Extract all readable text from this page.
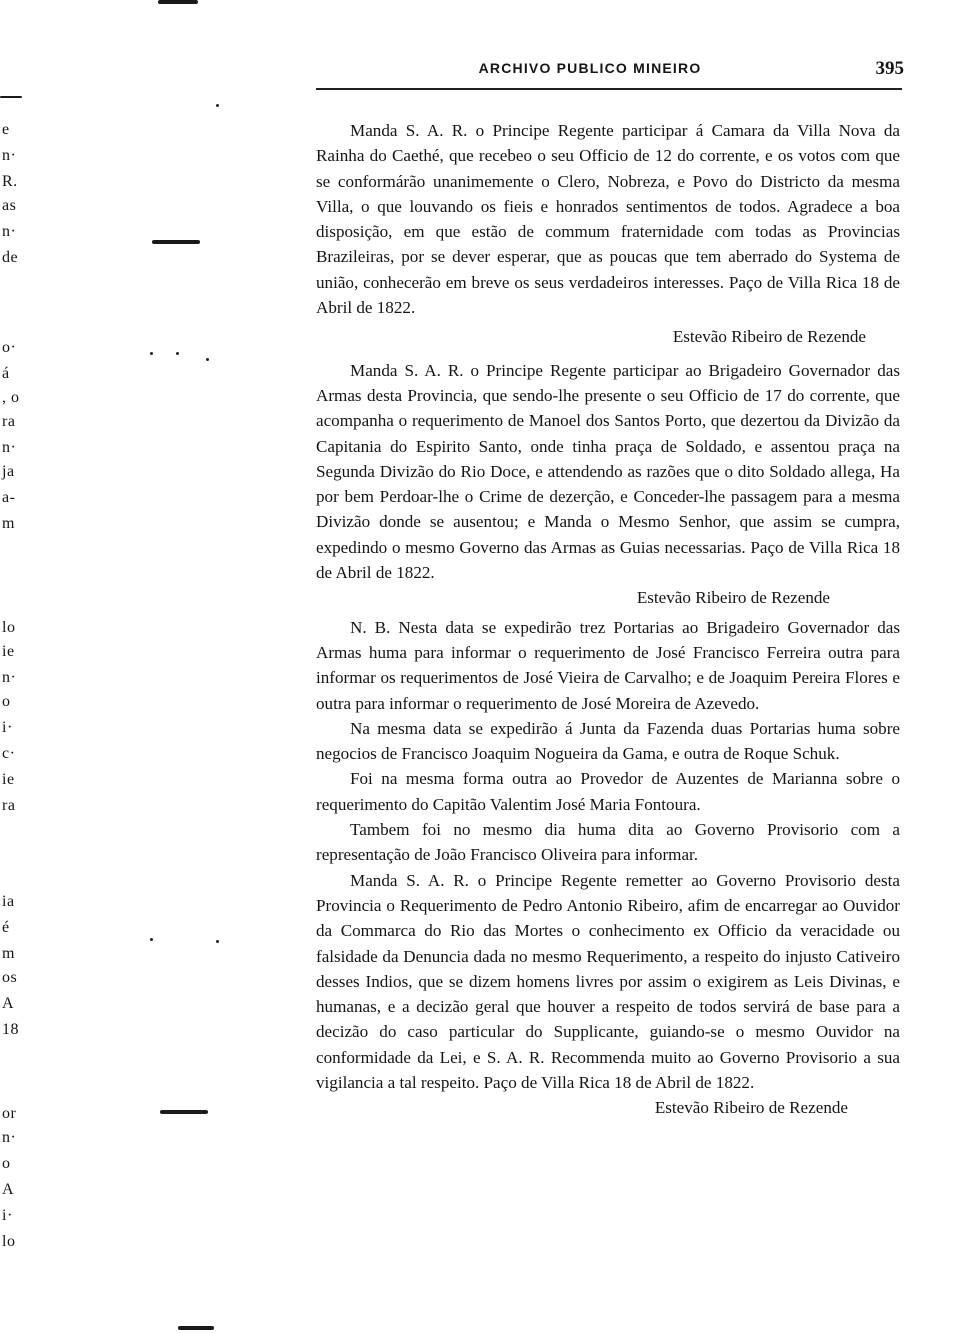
e
n·
R.
as
n·
de
o·
á
, o
ra
n·
ja
a-
m
lo
ie
n·
o
i·
c·
ie
ra
ia
é
m
os
A
18
or
n·
o
A
i·
lo
ARCHIVO PUBLICO MINEIRO	395

Manda S. A. R. o Principe Regente participar á Camara da Villa Nova da Rainha do Caethé, que recebeo o seu Officio de 12 do corrente, e os votos com que se conformárão unanimemente o Clero, Nobreza, e Povo do Districto da mesma Villa, o que louvando os fieis e honrados sentimentos de todos. Agradece a boa disposição, em que estão de commum fraternidade com todas as Provincias Brazileiras, por se dever esperar, que as poucas que tem aberrado do Systema de união, conhecerão em breve os seus verdadeiros interesses. Paço de Villa Rica 18 de Abril de 1822.

Estevão Ribeiro de Rezende

Manda S. A. R. o Principe Regente participar ao Brigadeiro Governador das Armas desta Provincia, que sendo-lhe presente o seu Officio de 17 do corrente, que acompanha o requerimento de Manoel dos Santos Porto, que dezertou da Divizão da Capitania do Espirito Santo, onde tinha praça de Soldado, e assentou praça na Segunda Divizão do Rio Doce, e attendendo as razões que o dito Soldado allega, Ha por bem Perdoar-lhe o Crime de dezerção, e Conceder-lhe passagem para a mesma Divizão donde se ausentou; e Manda o Mesmo Senhor, que assim se cumpra, expedindo o mesmo Governo das Armas as Guias necessarias. Paço de Villa Rica 18 de Abril de 1822.

Estevão Ribeiro de Rezende

N. B. Nesta data se expedirão trez Portarias ao Brigadeiro Governador das Armas huma para informar o requerimento de José Francisco Ferreira outra para informar os requerimentos de José Vieira de Carvalho; e de Joaquim Pereira Flores e outra para informar o requerimento de José Moreira de Azevedo.

Na mesma data se expedirão á Junta da Fazenda duas Portarias huma sobre negocios de Francisco Joaquim Nogueira da Gama, e outra de Roque Schuk.

Foi na mesma forma outra ao Provedor de Auzentes de Marianna sobre o requerimento do Capitão Valentim José Maria Fontoura.

Tambem foi no mesmo dia huma dita ao Governo Provisorio com a representação de João Francisco Oliveira para informar.

Manda S. A. R. o Principe Regente remetter ao Governo Provisorio desta Provincia o Requerimento de Pedro Antonio Ribeiro, afim de encarregar ao Ouvidor da Commarca do Rio das Mortes o conhecimento ex Officio da veracidade ou falsidade da Denuncia dada no mesmo Requerimento, a respeito do injusto Cativeiro desses Indios, que se dizem homens livres por assim o exigirem as Leis Divinas, e humanas, e a decizão geral que houver a respeito de todos servirá de base para a decizão do caso particular do Supplicante, guiando-se o mesmo Ouvidor na conformidade da Lei, e S. A. R. Recommenda muito ao Governo Provisorio a sua vigilancia a tal respeito. Paço de Villa Rica 18 de Abril de 1822.

Estevão Ribeiro de Rezende
